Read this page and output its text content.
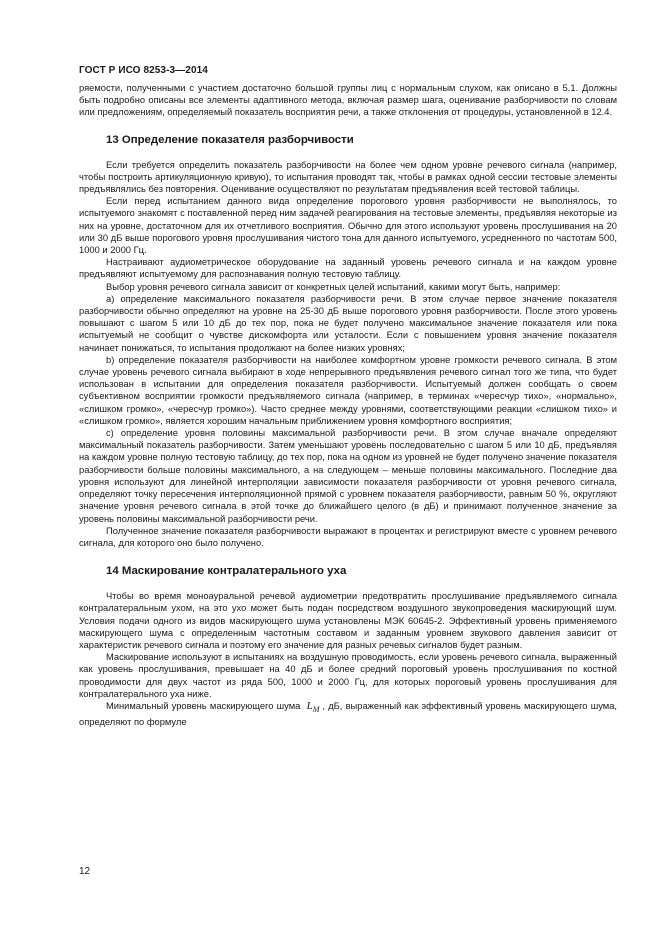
ГОСТ Р ИСО 8253-3—2014

ряемости, полученными с участием достаточно большой группы лиц с нормальным слухом, как описано в 5.1. Должны быть подробно описаны все элементы адаптивного метода, включая размер шага, оценивание разборчивости по словам или предложениям, определяемый показатель восприятия речи, а также отклонения от процедуры, установленной в 12.4.

13 Определение показателя разборчивости

Если требуется определить показатель разборчивости на более чем одном уровне речевого сигнала (например, чтобы построить артикуляционную кривую), то испытания проводят так, чтобы в рамках одной сессии тестовые элементы предъявлялись без повторения. Оценивание осуществляют по результатам предъявления всей тестовой таблицы.

Если перед испытанием данного вида определение порогового уровня разборчивости не выполнялось, то испытуемого знакомят с поставленной перед ним задачей реагирования на тестовые элементы, предъявляя некоторые из них на уровне, достаточном для их отчетливого восприятия. Обычно для этого используют уровень прослушивания на 20 или 30 дБ выше порогового уровня прослушивания чистого тона для данного испытуемого, усредненного по частотам 500, 1000 и 2000 Гц.

Настраивают аудиометрическое оборудование на заданный уровень речевого сигнала и на каждом уровне предъявляют испытуемому для распознавания полную тестовую таблицу.

Выбор уровня речевого сигнала зависит от конкретных целей испытаний, какими могут быть, например:

a) определение максимального показателя разборчивости речи. В этом случае первое значение показателя разборчивости обычно определяют на уровне на 25-30 дБ выше порогового уровня разборчивости. После этого уровень повышают с шагом 5 или 10 дБ до тех пор, пока не будет получено максимальное значение показателя или пока испытуемый не сообщит о чувстве дискомфорта или усталости. Если с повышением уровня значение показателя начинает понижаться, то испытания продолжают на более низких уровнях;

b) определение показателя разборчивости на наиболее комфортном уровне громкости речевого сигнала. В этом случае уровень речевого сигнала выбирают в ходе непрерывного предъявления речевого сигнал того же типа, что будет использован в испытании для определения показателя разборчивости. Испытуемый должен сообщать о своем субъективном восприятии громкости предъявляемого сигнала (например, в терминах «чересчур тихо», «нормально», «слишком громко», «чересчур громко»). Часто среднее между уровнями, соответствующими реакции «слишком тихо» и «слишком громко», является хорошим начальным приближением уровня комфортного восприятия;

c) определение уровня половины максимальной разборчивости речи. В этом случае вначале определяют максимальный показатель разборчивости. Затем уменьшают уровень последовательно с шагом 5 или 10 дБ, предъявляя на каждом уровне полную тестовую таблицу, до тех пор, пока на одном из уровней не будет получено значение показателя разборчивости больше половины максимального, а на следующем – меньше половины максимального. Последние два уровня используют для линейной интерполяции зависимости показателя разборчивости от уровня речевого сигнала, определяют точку пересечения интерполяционной прямой с уровнем показателя разборчивости, равным 50 %, округляют значение уровня речевого сигнала в этой точке до ближайшего целого (в дБ) и принимают полученное значение за уровень половины максимальной разборчивости речи.

Полученное значение показателя разборчивости выражают в процентах и регистрируют вместе с уровнем речевого сигнала, для которого оно было получено.

14 Маскирование контралатерального уха

Чтобы во время моноауральной речевой аудиометрии предотвратить прослушивание предъявляемого сигнала контралатеральным ухом, на это ухо может быть подан посредством воздушного звукопроведения маскирующий шум. Условия подачи одного из видов маскирующего шума установлены МЭК 60645-2. Эффективный уровень применяемого маскирующего шума с определенным частотным составом и заданным уровнем звукового давления зависит от характеристик речевого сигнала и поэтому его значение для разных речевых сигналов будет разным.

Маскирование используют в испытаниях на воздушную проводимость, если уровень речевого сигнала, выраженный как уровень прослушивания, превышает на 40 дБ и более средний пороговый уровень прослушивания по костной проводимости для двух частот из ряда 500, 1000 и 2000 Гц, для которых пороговый уровень прослушивания для контралатерального уха ниже.

Минимальный уровень маскирующего шума $L_M$ , дБ, выраженный как эффективный уровень маскирующего шума, определяют по формуле

12
